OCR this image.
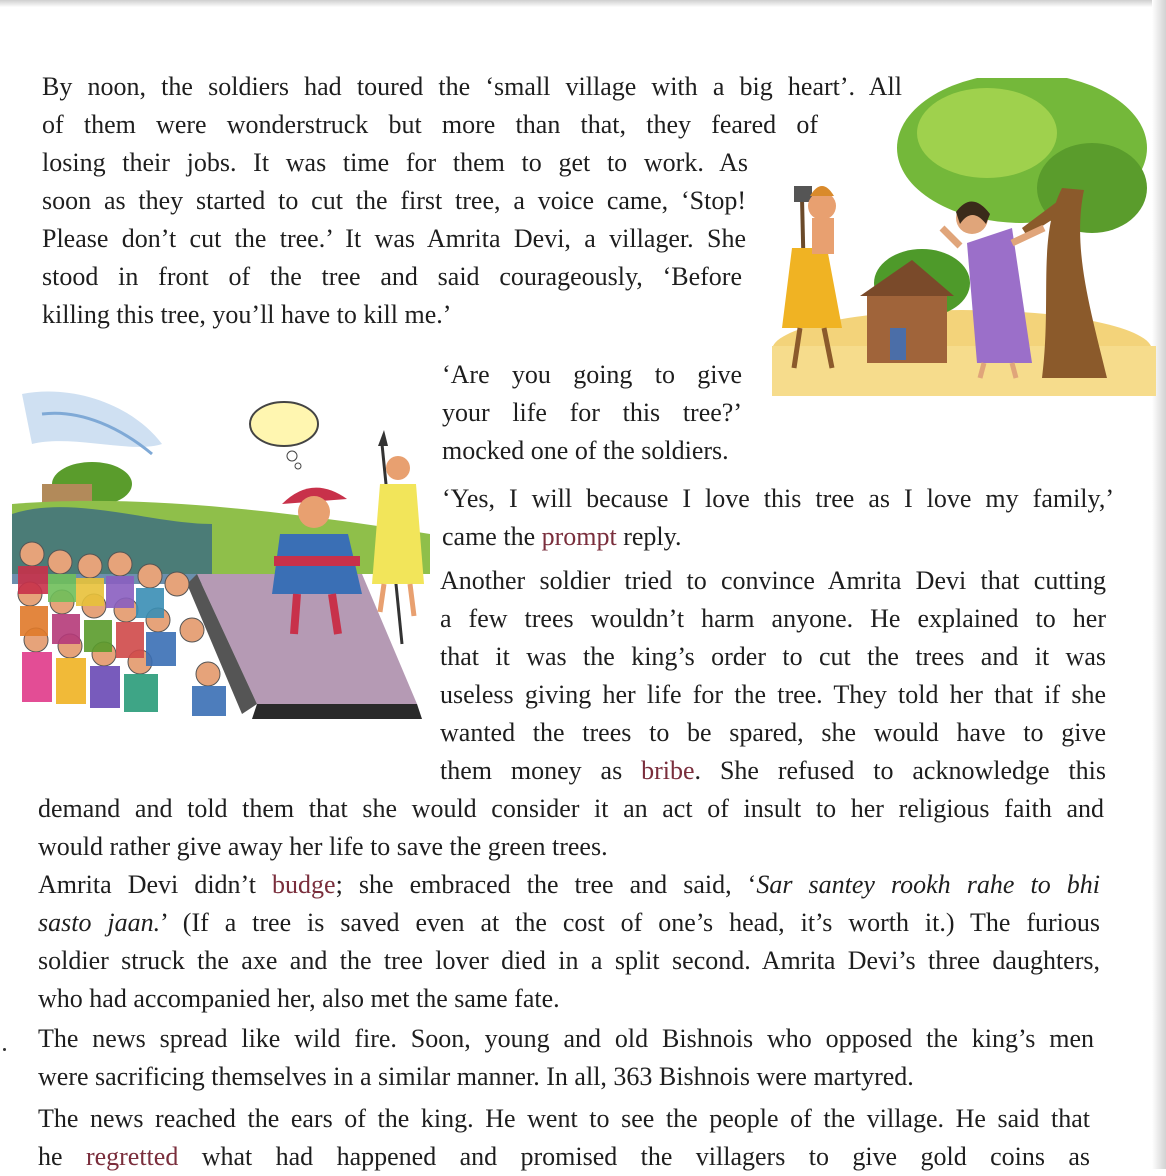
By noon, the soldiers had toured the ‘small village with a big heart’. All

of them were wonderstruck but more than that, they feared of

losing their jobs. It was time for them to get to work. As

soon as they started to cut the first tree, a voice came, ‘Stop!

Please don’t cut the tree.’ It was Amrita Devi, a villager. She

stood in front of the tree and said courageously, ‘Before

killing this tree, you’ll have to kill me.’

‘Are you going to give

your life for this tree?’

mocked one of the soldiers.

‘Yes, I will because I love this tree as I love my family,’

came the prompt reply.

Another soldier tried to convince Amrita Devi that cutting

a few trees wouldn’t harm anyone. He explained to her

that it was the king’s order to cut the trees and it was

useless giving her life for the tree. They told her that if she

wanted the trees to be spared, she would have to give

them money as bribe. She refused to acknowledge this

demand and told them that she would consider it an act of insult to her religious faith and

would rather give away her life to save the green trees.

Amrita Devi didn’t budge; she embraced the tree and said, ‘Sar santey rookh rahe to bhi

sasto jaan.’ (If a tree is saved even at the cost of one’s head, it’s worth it.) The furious

soldier struck the axe and the tree lover died in a split second. Amrita Devi’s three daughters,

who had accompanied her, also met the same fate.

The news spread like wild fire. Soon, young and old Bishnois who opposed the king’s men

were sacrificing themselves in a similar manner. In all, 363 Bishnois were martyred.

The news reached the ears of the king. He went to see the people of the village. He said that

he regretted what had happened and promised the villagers to give gold coins as
